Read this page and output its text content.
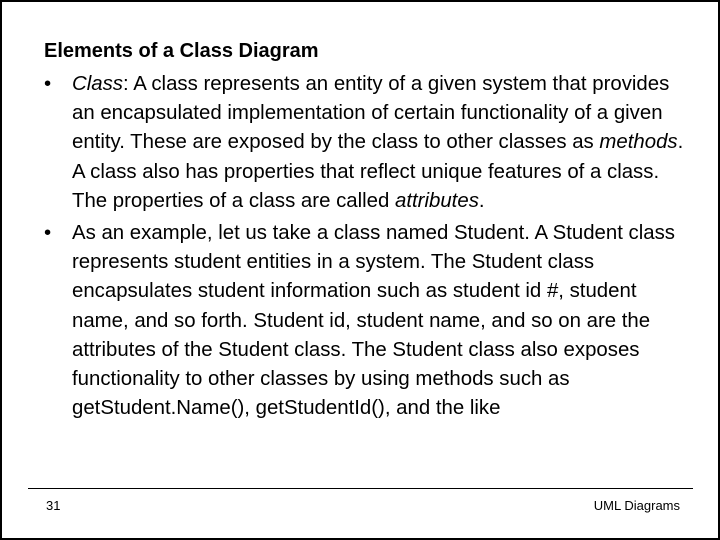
Elements of a Class Diagram
•	Class: A class represents an entity of a given system that provides an encapsulated implementation of certain functionality of a given entity. These are exposed by the class to other classes as methods. A class also has properties that reflect unique features of a class. The properties of a class are called attributes.
•	As an example, let us take a class named Student. A Student class represents student entities in a system. The Student class encapsulates student information such as student id #, student name, and so forth. Student id, student name, and so on are the attributes of the Student class. The Student class also exposes functionality to other classes by using methods such as getStudent.Name(), getStudentId(), and the like
31	UML Diagrams
